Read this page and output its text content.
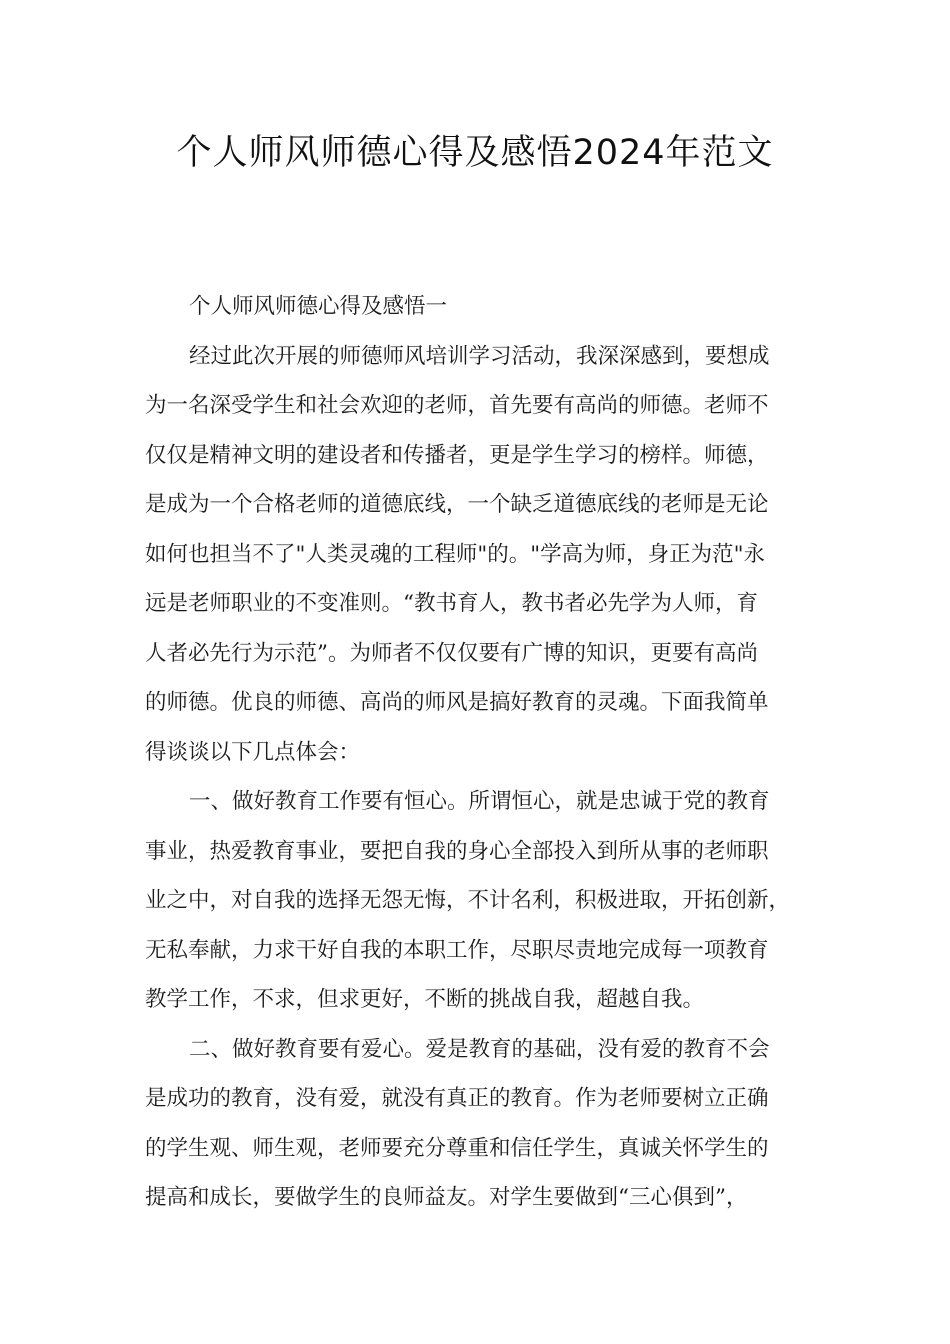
个人师风师德心得及感悟2024年范文
个人师风师德心得及感悟一
经过此次开展的师德师风培训学习活动，我深深感到，要想成
为一名深受学生和社会欢迎的老师，首先要有高尚的师德。老师不
仅仅是精神文明的建设者和传播者，更是学生学习的榜样。师德，
是成为一个合格老师的道德底线，一个缺乏道德底线的老师是无论
如何也担当不了"人类灵魂的工程师"的。"学高为师，身正为范"永
远是老师职业的不变准则。“教书育人，教书者必先学为人师，育
人者必先行为示范”。为师者不仅仅要有广博的知识，更要有高尚
的师德。优良的师德、高尚的师风是搞好教育的灵魂。下面我简单
得谈谈以下几点体会：
一、做好教育工作要有恒心。所谓恒心，就是忠诚于党的教育
事业，热爱教育事业，要把自我的身心全部投入到所从事的老师职
业之中，对自我的选择无怨无悔，不计名利，积极进取，开拓创新，
无私奉献，力求干好自我的本职工作，尽职尽责地完成每一项教育
教学工作，不求，但求更好，不断的挑战自我，超越自我。
二、做好教育要有爱心。爱是教育的基础，没有爱的教育不会
是成功的教育，没有爱，就没有真正的教育。作为老师要树立正确
的学生观、师生观，老师要充分尊重和信任学生，真诚关怀学生的
提高和成长，要做学生的良师益友。对学生要做到“三心俱到”，
